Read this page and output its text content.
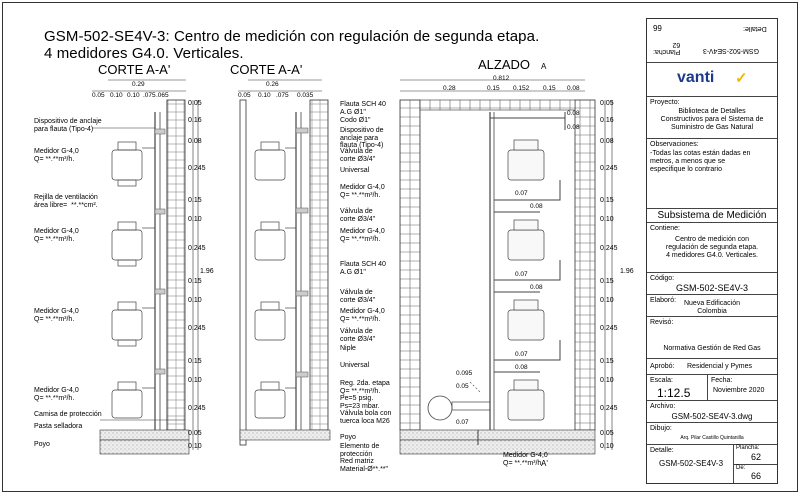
GSM-502-SE4V-3: Centro de medición con regulación de segunda etapa.
4 medidores G4.0. Verticales.
CORTE A-A'	CORTE A-A'	ALZADO A
A'
0.29
0.05 0.10 0.10 .075 .065
0.26
0.05 0.10 .075 0.035
0.812
0.28	0.15 0.152 0.15 0.08
0.05
0.16
0.08
0.245
0.15
0.10
0.245
0.15
0.10
0.245
0.15
0.10
0.245
0.05
0.10
1.96
0.05
0.16
0.08
0.245
0.15
0.10
0.245
0.15
0.10
0.245
0.15
0.10
0.245
0.05
0.10
1.96
0.08
0.08
0.07
0.08
0.07
0.08
0.07
0.08
0.095
0.05
0.07
Dispositivo de anclaje
para flauta (Tipo-4)
Medidor G-4,0
Q= **.**m³/h.
Rejilla de ventilación
área libre=  **.**cm².
Medidor G-4,0
Q= **.**m³/h.
Medidor G-4,0
Q= **.**m³/h.
Medidor G-4,0
Q= **.**m³/h.
Camisa de protección
Pasta selladora
Poyo
Flauta SCH 40
A.G Ø1"
Codo Ø1"
Dispositivo de
anclaje para
flauta (Tipo-4)
Válvula de
corte Ø3/4"
Universal
Medidor G-4,0
Q= **.**m³/h.
Válvula de
corte Ø3/4"
Medidor G-4,0
Q= **.**m³/h.
Flauta SCH 40
A.G Ø1"
Válvula de
corte Ø3/4"
Medidor G-4,0
Q= **.**m³/h.
Válvula de
corte Ø3/4"
Niple
Universal
Reg. 2da. etapa
Q= **.**m³/h.
Pe=5 psig.
Ps=23 mbar.
Válvula bola con
tuerca loca M26
Poyo
Elemento de
protección
Red matriz
Material-Ø**.**"
Medidor G-4,0
Q= **.**m³/h.
66
GSM-502-SE4V-3
Detalle:
Plancha:
62
vanti ✓
Proyecto:
Biblioteca de Detalles
Constructivos para el Sistema de
Suministro de Gas Natural
Observaciones:
-Todas las cotas están dadas en
metros, a menos que se
especifique lo contrario
Subsistema de Medición
Contiene:
Centro de medición con
regulación de segunda etapa.
4 medidores G4.0. Verticales.
Código:
GSM-502-SE4V-3
Elaboró:	Nueva Edificación
Colombia
Revisó:
Normativa Gestión de Red Gas
Aprobó: Residencial y Pymes
Escala:
1:12.5
Fecha:
Noviembre 2020
Archivo:
GSM-502-SE4V-3.dwg
Dibujo:
Arq. Pilar Castillo Quintanilla
Detalle:
GSM-502-SE4V-3
Plancha:
62
De:
66
